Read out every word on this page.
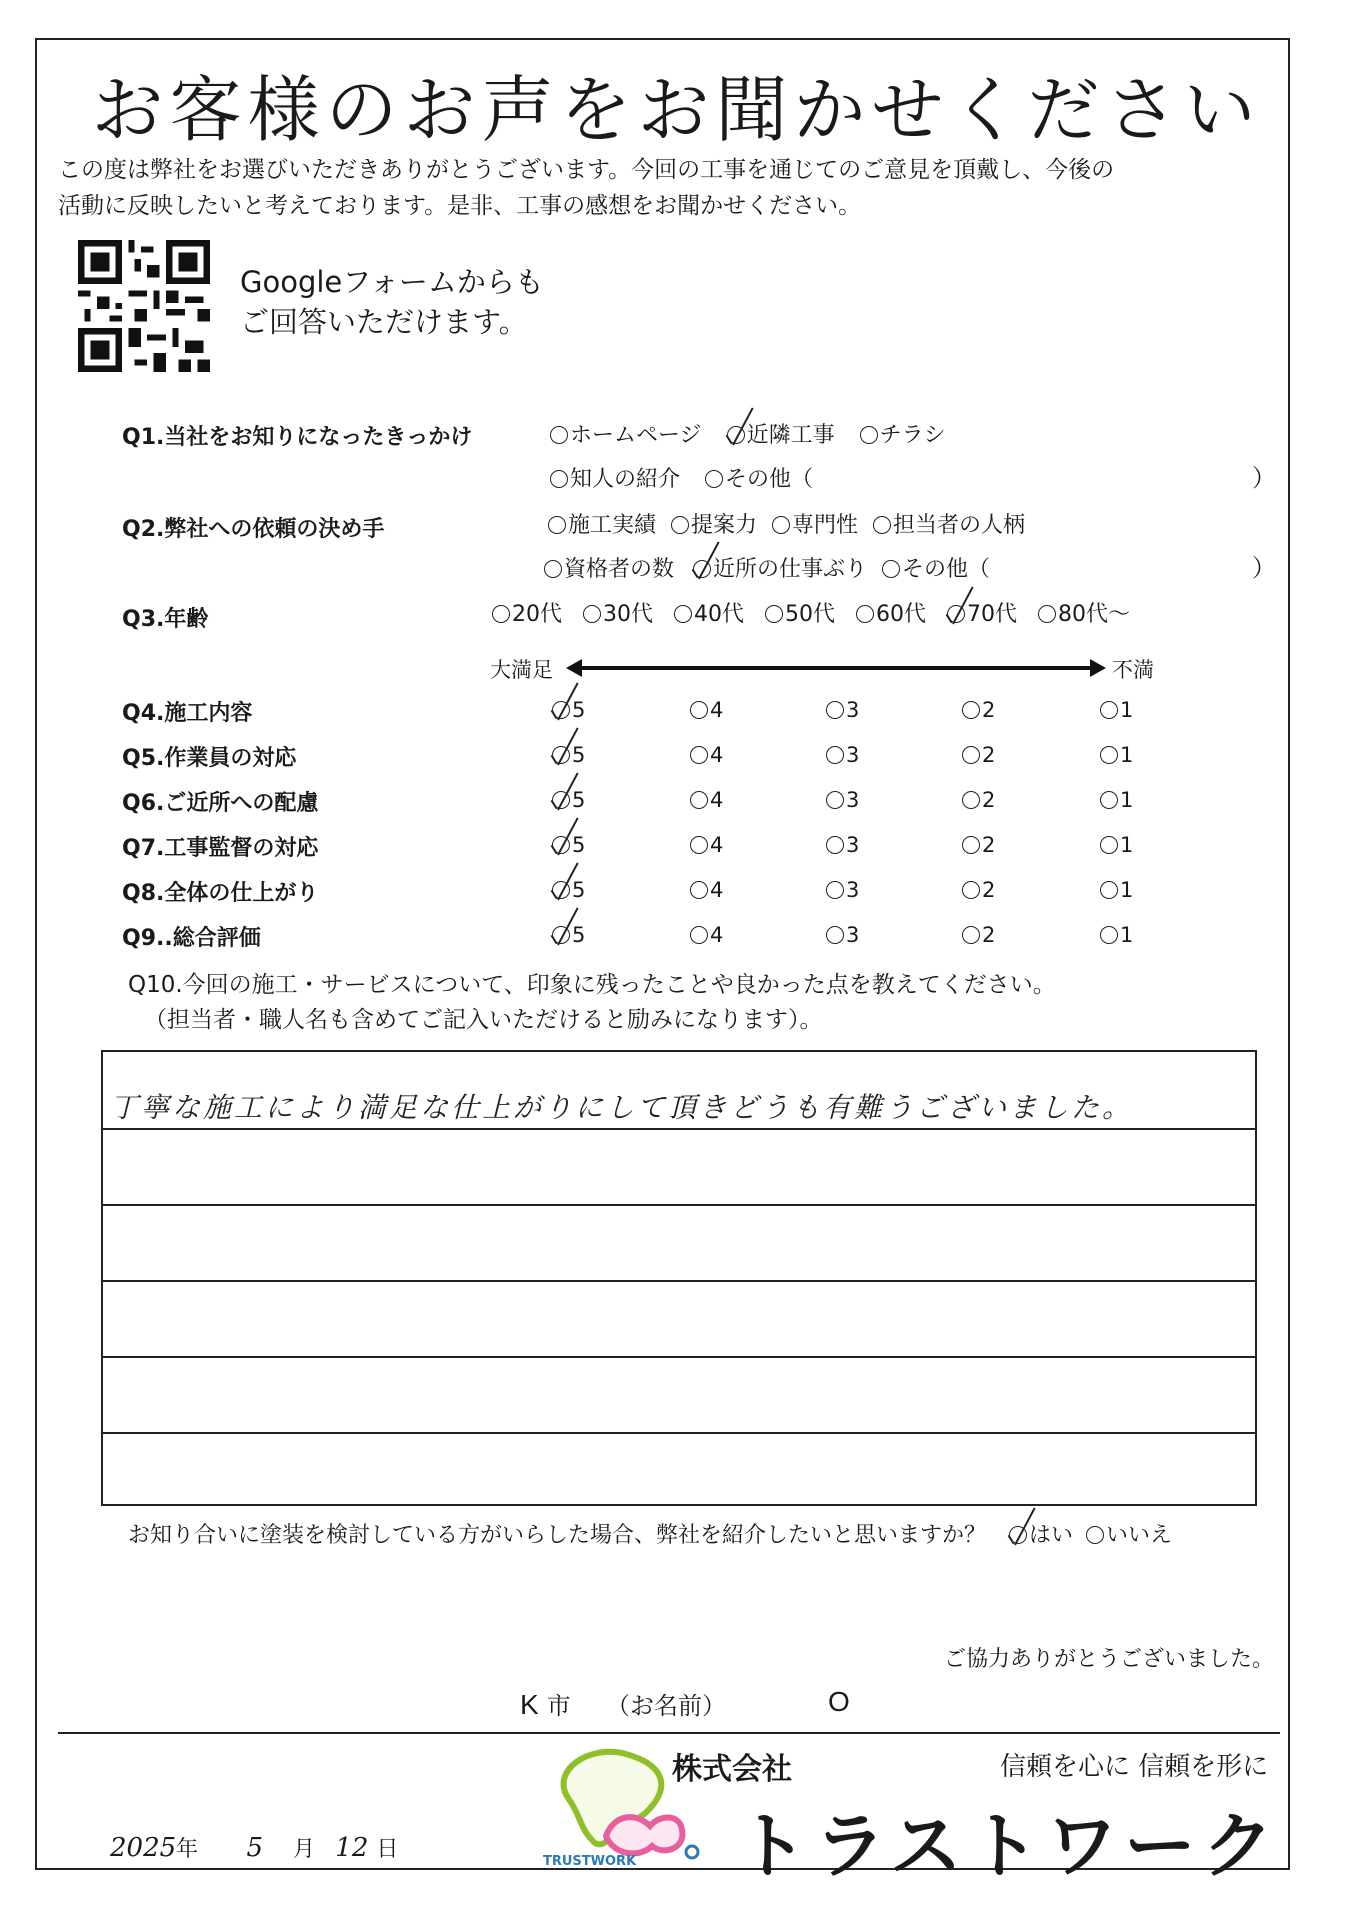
お客様のお声をお聞かせください
この度は弊社をお選びいただきありがとうございます。今回の工事を通じてのご意見を頂戴し、今後の
活動に反映したいと考えております。是非、工事の感想をお聞かせください。
Googleフォームからも
ご回答いただけます。
Q1.当社をお知りになったきっかけ	ホームページ 近隣工事 チラシ
知人の紹介 その他（	）
Q2.弊社への依頼の決め手	施工実績 提案力 専門性 担当者の人柄
資格者の数 近所の仕事ぶり その他（	）
Q3.年齢	20代 30代 40代 50代 60代 70代 80代～
大満足	不満
Q4.施工内容	5	4	3	2	1
Q5.作業員の対応	5	4	3	2	1
Q6.ご近所への配慮	5	4	3	2	1
Q7.工事監督の対応	5	4	3	2	1
Q8.全体の仕上がり	5	4	3	2	1
Q9..総合評価	5	4	3	2	1
Q10.今回の施工・サービスについて、印象に残ったことや良かった点を教えてください。
（担当者・職人名も含めてご記入いただけると励みになります）。
丁寧な施工により満足な仕上がりにして頂きどうも有難うございました。
お知り合いに塗装を検討している方がいらした場合、弊社を紹介したいと思いますか？ はい いいえ
ご協力ありがとうございました。
K 市 （お名前）	O
株式会社
トラストワーク
TRUSTWORK
信頼を心に 信頼を形に
2025年 5 月 12 日
